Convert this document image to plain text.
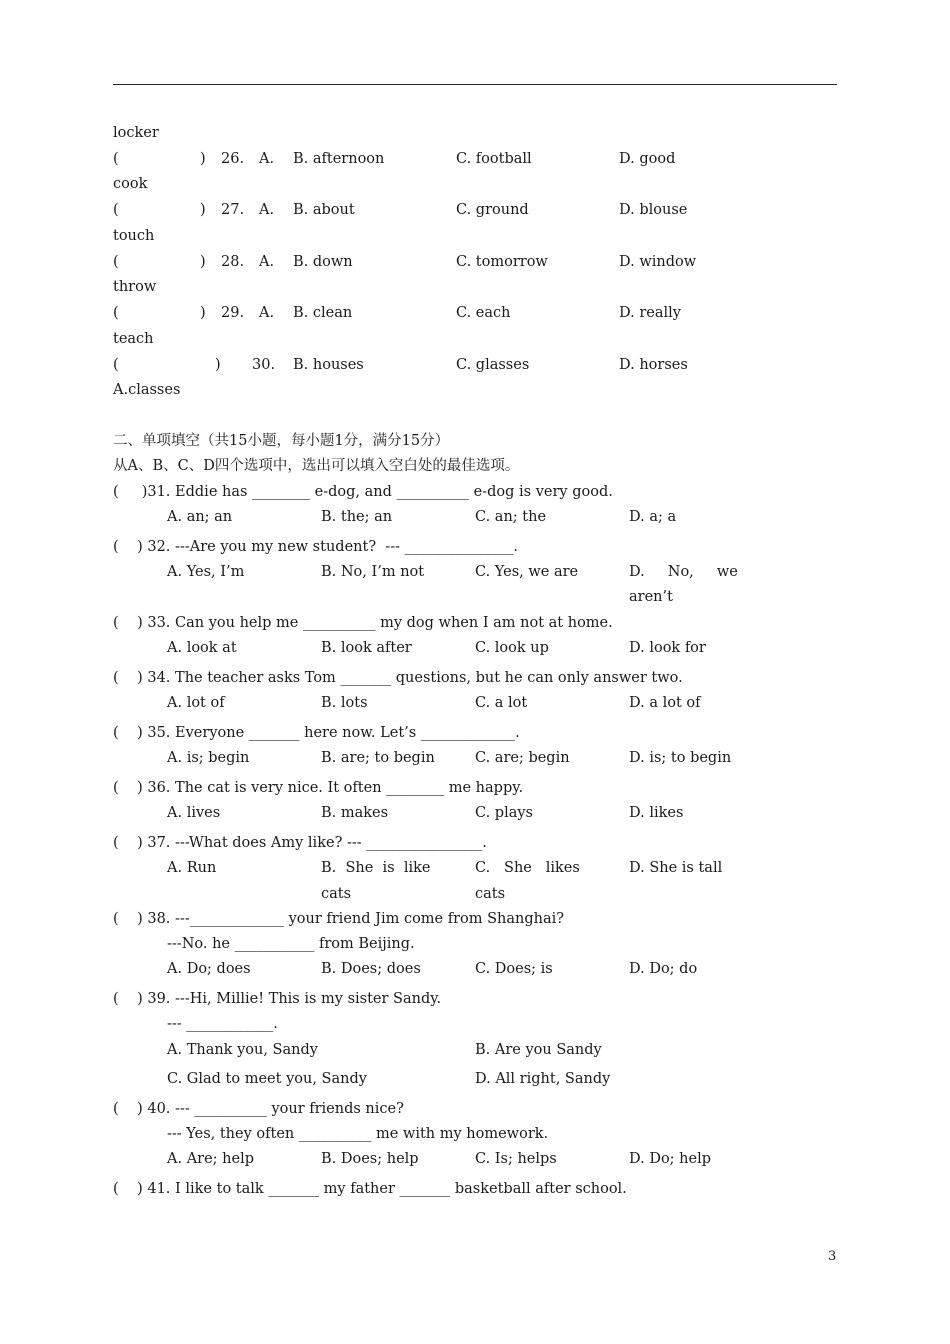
locker
(	) 26. A. B. afternoon	C. football	D. good
cook
(	) 27. A. B. about	C. ground	D. blouse
touch
(	) 28. A. B. down	C. tomorrow	D. window
throw
(	) 29. A. B. clean	C. each	D. really
teach
(	) 30. B. houses	C. glasses	D. horses
A.classes
二、单项填空（共15小题，每小题1分，满分15分）
从A、B、C、D四个选项中，选出可以填入空白处的最佳选项。
(     )31. Eddie has ________ e-dog, and __________ e-dog is very good.
A. an; an	B. the; an	C. an; the	D. a; a
(    ) 32. ---Are you my new student?  --- _______________.
A. Yes, I’m	B. No, I’m not	C. Yes, we are	D.     No,     we
aren’t
(    ) 33. Can you help me __________ my dog when I am not at home.
A. look at	B. look after	C. look up	D. look for
(    ) 34. The teacher asks Tom _______ questions, but he can only answer two.
A. lot of	B. lots	C. a lot	D. a lot of
(    ) 35. Everyone _______ here now. Let’s _____________.
A. is; begin	B. are; to begin	C. are; begin	D. is; to begin
(    ) 36. The cat is very nice. It often ________ me happy.
A. lives	B. makes	C. plays	D. likes
(    ) 37. ---What does Amy like? --- ________________.
A. Run	B.  She  is  like
cats
C.   She   likes
cats
D. She is tall
(    ) 38. ---_____________ your friend Jim come from Shanghai?
---No. he ___________ from Beijing.
A. Do; does	B. Does; does	C. Does; is	D. Do; do
(    ) 39. ---Hi, Millie! This is my sister Sandy.
--- ____________.
A. Thank you, Sandy	B. Are you Sandy
C. Glad to meet you, Sandy	D. All right, Sandy
(    ) 40. --- __________ your friends nice?
--- Yes, they often __________ me with my homework.
A. Are; help	B. Does; help	C. Is; helps	D. Do; help
(    ) 41. I like to talk _______ my father _______ basketball after school.
3
